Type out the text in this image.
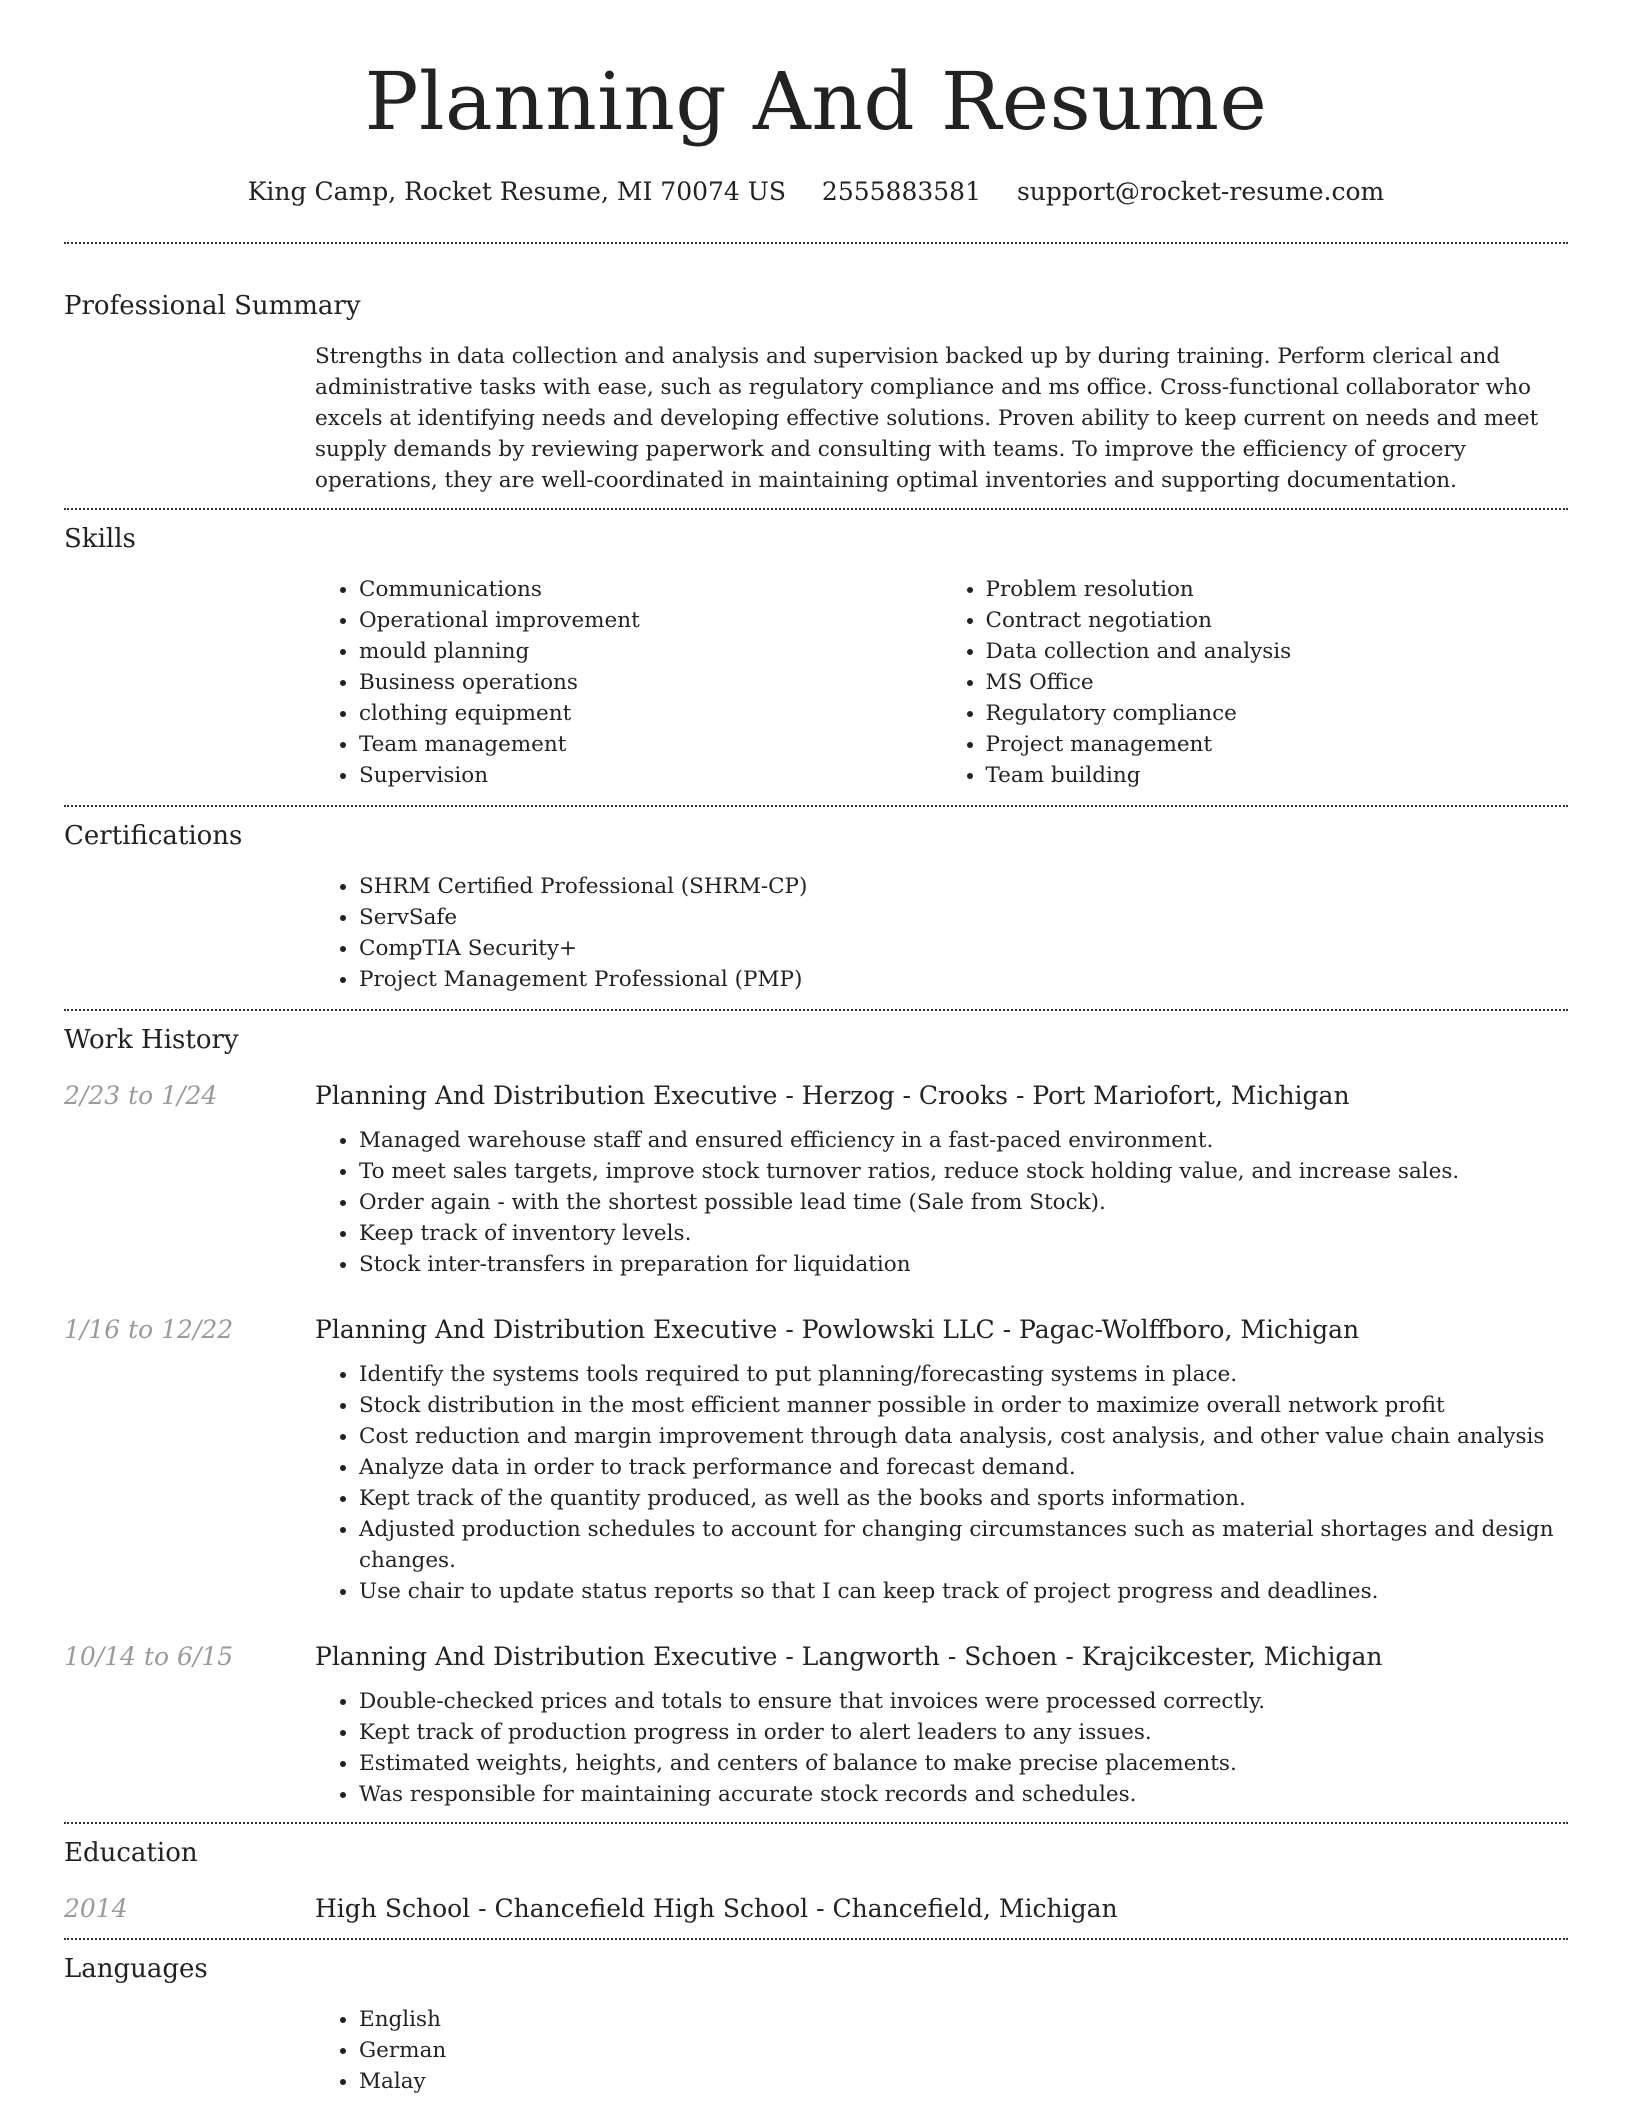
Planning And Resume
King Camp, Rocket Resume, MI 70074 US 2555883581 support@rocket-resume.com
Professional Summary

Strengths in data collection and analysis and supervision backed up by during training. Perform clerical and administrative tasks with ease, such as regulatory compliance and ms office. Cross-functional collaborator who excels at identifying needs and developing effective solutions. Proven ability to keep current on needs and meet supply demands by reviewing paperwork and consulting with teams. To improve the efficiency of grocery operations, they are well-coordinated in maintaining optimal inventories and supporting documentation.

Skills
• Communications
• Operational improvement
• mould planning
• Business operations
• clothing equipment
• Team management
• Supervision
• Problem resolution
• Contract negotiation
• Data collection and analysis
• MS Office
• Regulatory compliance
• Project management
• Team building
Certifications
• SHRM Certified Professional (SHRM-CP)
• ServSafe
• CompTIA Security+
• Project Management Professional (PMP)
Work History
2/23 to 1/24	Planning And Distribution Executive - Herzog - Crooks - Port Mariofort, Michigan
• Managed warehouse staff and ensured efficiency in a fast-paced environment.
• To meet sales targets, improve stock turnover ratios, reduce stock holding value, and increase sales.
• Order again - with the shortest possible lead time (Sale from Stock).
• Keep track of inventory levels.
• Stock inter-transfers in preparation for liquidation
1/16 to 12/22	Planning And Distribution Executive - Powlowski LLC - Pagac-Wolffboro, Michigan
• Identify the systems tools required to put planning/forecasting systems in place.
• Stock distribution in the most efficient manner possible in order to maximize overall network profit
• Cost reduction and margin improvement through data analysis, cost analysis, and other value chain analysis
• Analyze data in order to track performance and forecast demand.
• Kept track of the quantity produced, as well as the books and sports information.
• Adjusted production schedules to account for changing circumstances such as material shortages and design changes.
• Use chair to update status reports so that I can keep track of project progress and deadlines.
10/14 to 6/15	Planning And Distribution Executive - Langworth - Schoen - Krajcikcester, Michigan
• Double-checked prices and totals to ensure that invoices were processed correctly.
• Kept track of production progress in order to alert leaders to any issues.
• Estimated weights, heights, and centers of balance to make precise placements.
• Was responsible for maintaining accurate stock records and schedules.
Education
2014	High School - Chancefield High School - Chancefield, Michigan
Languages
• English
• German
• Malay
